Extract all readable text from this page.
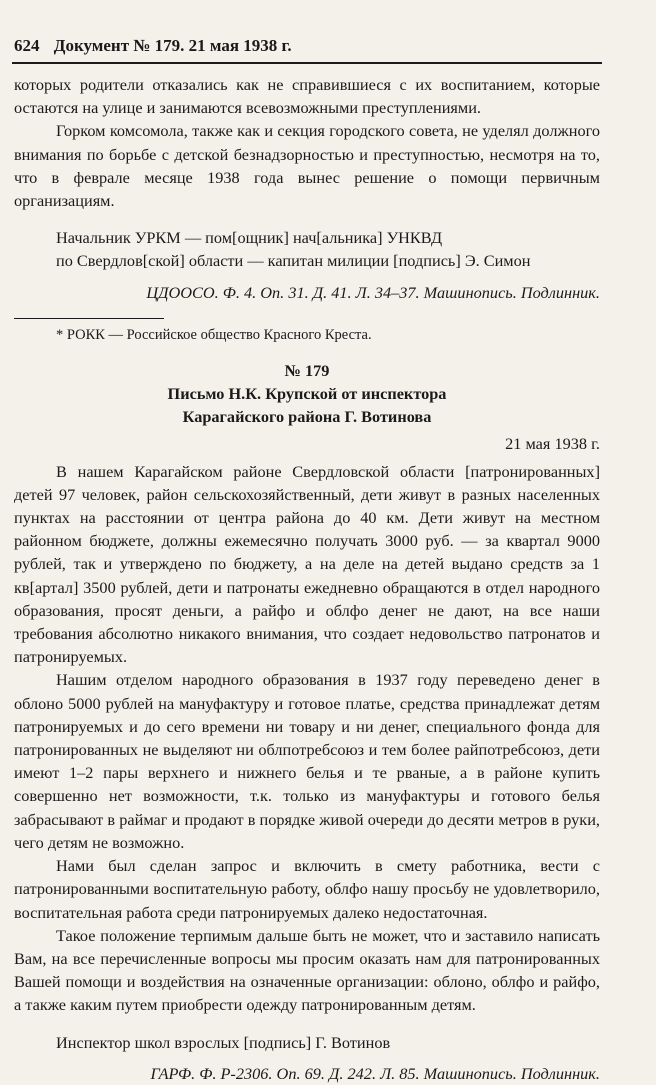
624 Документ № 179. 21 мая 1938 г.

которых родители отказались как не справившиеся с их воспитанием, которые остаются на улице и занимаются всевозможными преступлениями.

Горком комсомола, также как и секция городского совета, не уделял должного внимания по борьбе с детской безнадзорностью и преступностью, несмотря на то, что в феврале месяце 1938 года вынес решение о помощи первичным организациям.

Начальник УРКМ — пом[ощник] нач[альника] УНКВД

по Свердлов[ской] области — капитан милиции [подпись] Э. Симон

ЦДООСО. Ф. 4. Оп. 31. Д. 41. Л. 34–37. Машинопись. Подлинник.

* РОКК — Российское общество Красного Креста.

№ 179

Письмо Н.К. Крупской от инспектора

Карагайского района Г. Вотинова

21 мая 1938 г.

В нашем Карагайском районе Свердловской области [патронированных] детей 97 человек, район сельскохозяйственный, дети живут в разных населенных пунктах на расстоянии от центра района до 40 км. Дети живут на местном районном бюджете, должны ежемесячно получать 3000 руб. — за квартал 9000 рублей, так и утверждено по бюджету, а на деле на детей выдано средств за 1 кв[артал] 3500 рублей, дети и патронаты ежедневно обращаются в отдел народного образования, просят деньги, а райфо и облфо денег не дают, на все наши требования абсолютно никакого внимания, что создает недовольство патронатов и патронируемых.

Нашим отделом народного образования в 1937 году переведено денег в облоно 5000 рублей на мануфактуру и готовое платье, средства принадлежат детям патронируемых и до сего времени ни товару и ни денег, специального фонда для патронированных не выделяют ни облпотребсоюз и тем более райпотребсоюз, дети имеют 1–2 пары верхнего и нижнего белья и те рваные, а в районе купить совершенно нет возможности, т.к. только из мануфактуры и готового белья забрасывают в раймаг и продают в порядке живой очереди до десяти метров в руки, чего детям не возможно.

Нами был сделан запрос и включить в смету работника, вести с патронированными воспитательную работу, облфо нашу просьбу не удовлетворило, воспитательная работа среди патронируемых далеко недостаточная.

Такое положение терпимым дальше быть не может, что и заставило написать Вам, на все перечисленные вопросы мы просим оказать нам для патронированных Вашей помощи и воздействия на означенные организации: облоно, облфо и райфо, а также каким путем приобрести одежду патронированным детям.

Инспектор школ взрослых [подпись] Г. Вотинов

ГАРФ. Ф. Р-2306. Оп. 69. Д. 242. Л. 85. Машинопись. Подлинник.
